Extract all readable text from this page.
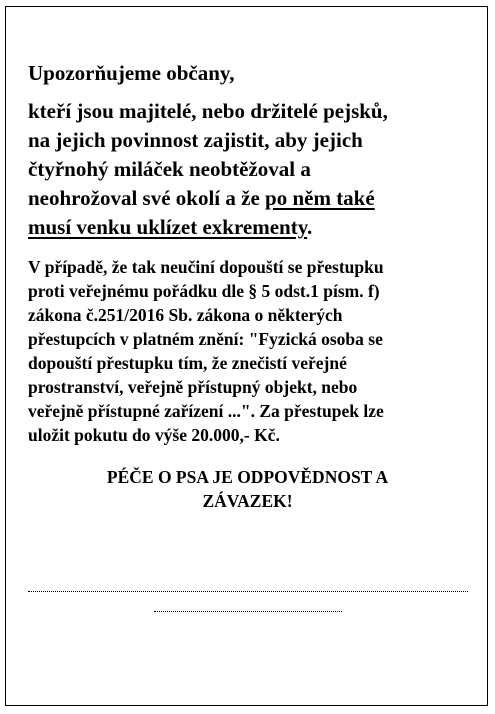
Upozorňujeme občany,
kteří jsou majitelé, nebo držitelé pejsků,
na jejich povinnost zajistit, aby jejich
čtyřnohý miláček neobtěžoval a
neohrožoval své okolí a že po něm také
musí venku uklízet exkrementy.
V případě, že tak neučiní dopouští se přestupku
proti veřejnému pořádku dle § 5 odst.1 písm. f)
zákona č.251/2016 Sb. zákona o některých
přestupcích v platném znění: "Fyzická osoba se
dopouští přestupku tím, že znečistí veřejné
prostranství, veřejně přístupný objekt, nebo
veřejně přístupné zařízení ...". Za přestupek lze
uložit pokutu do výše 20.000,- Kč.
PÉČE O PSA JE ODPOVĚDNOST A
ZÁVAZEK!
